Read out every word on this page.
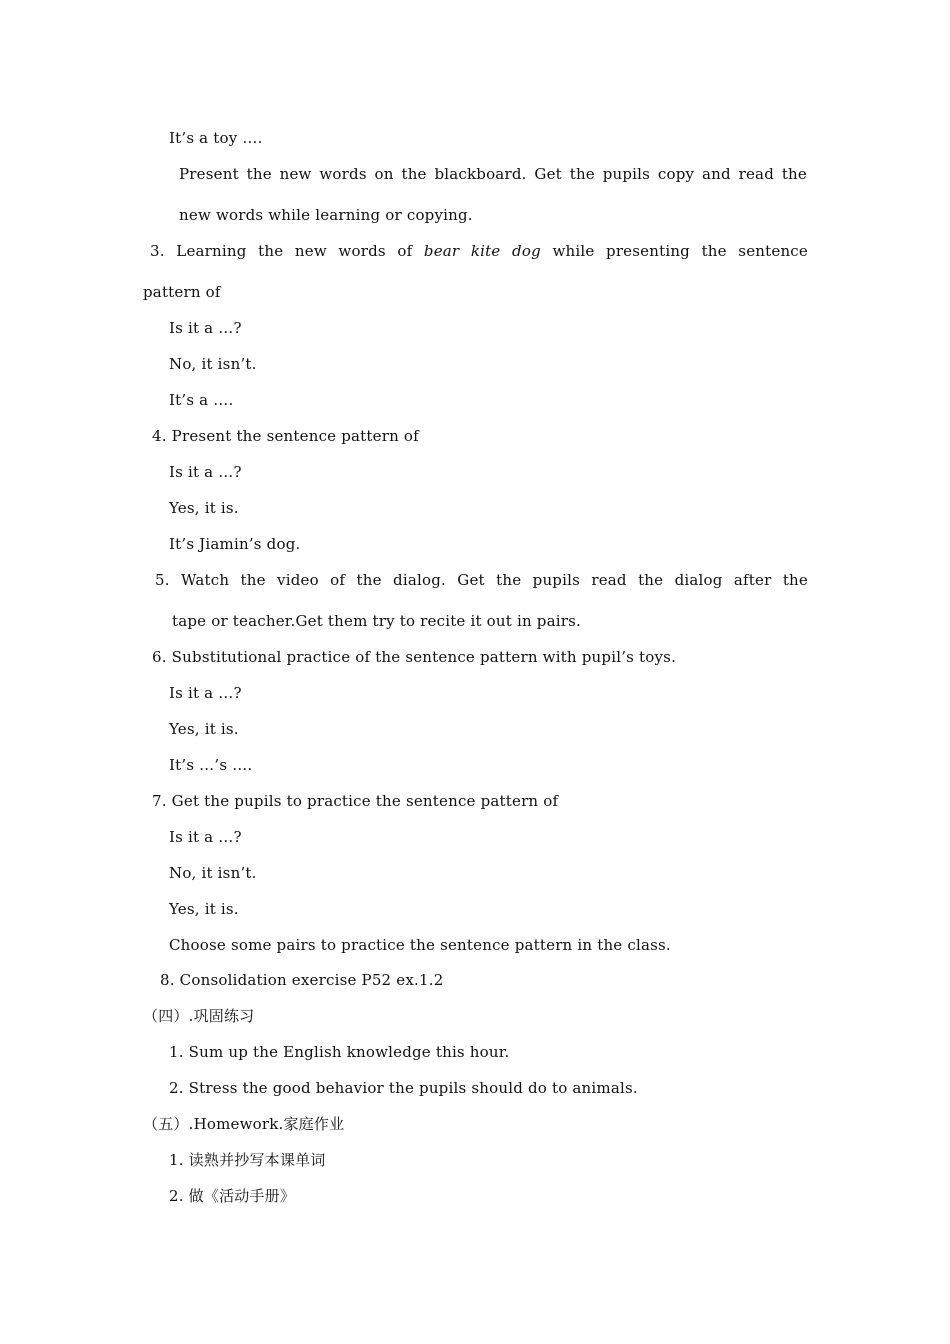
It’s a toy ….
Present the new words on the blackboard. Get the pupils copy and read the
new words while learning or copying.
3. Learning the new words of bear kite dog while presenting the sentence
pattern of
Is it a …?
No, it isn’t.
It’s a ….
4. Present the sentence pattern of
Is it a …?
Yes, it is.
It’s Jiamin’s dog.
5. Watch the video of the dialog. Get the pupils read the dialog after the
tape or teacher.Get them try to recite it out in pairs.
6. Substitutional practice of the sentence pattern with pupil’s toys.
Is it a …?
Yes, it is.
It’s …’s ….
7. Get the pupils to practice the sentence pattern of
Is it a …?
No, it isn’t.
Yes, it is.
Choose some pairs to practice the sentence pattern in the class.
8. Consolidation exercise P52 ex.1.2
（四）.巩固练习
1. Sum up the English knowledge this hour.
2. Stress the good behavior the pupils should do to animals.
（五）.Homework.家庭作业
1. 读熟并抄写本课单词
2. 做《活动手册》
